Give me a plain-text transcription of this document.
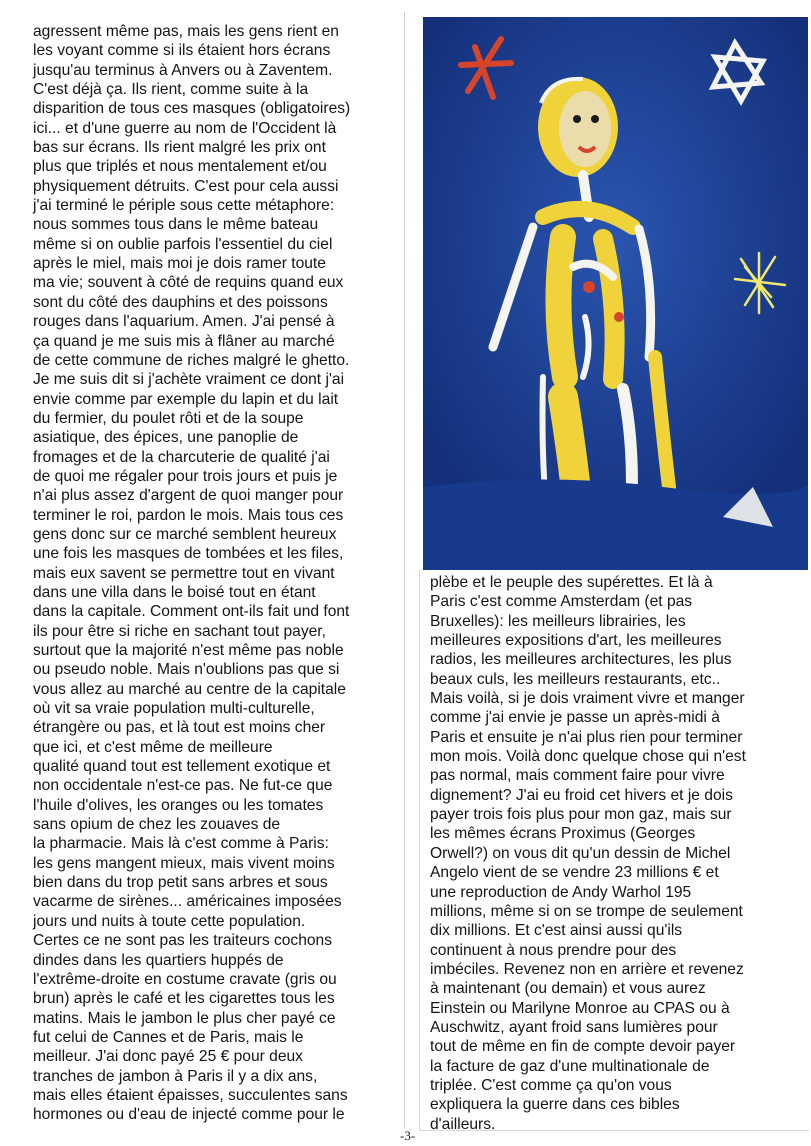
agressent même pas, mais les gens rient en
les voyant comme si ils étaient hors écrans
jusqu'au terminus à Anvers ou à Zaventem.
C'est déjà ça. Ils rient, comme suite à la
disparition de tous ces masques (obligatoires)
ici... et d'une guerre au nom de l'Occident là
bas sur écrans. Ils rient malgré les prix ont
plus que triplés et nous mentalement et/ou
physiquement détruits. C'est pour cela aussi
j'ai terminé le périple sous cette métaphore:
nous sommes tous dans le même bateau
même si on oublie parfois l'essentiel du ciel
après le miel, mais moi je dois ramer toute
ma vie; souvent à côté de requins quand eux
sont du côté des dauphins et des poissons
rouges dans l'aquarium. Amen. J'ai pensé à
ça quand je me suis mis à flâner au marché
de cette commune de riches malgré le ghetto.
Je me suis dit si j'achète vraiment ce dont j'ai
envie comme par exemple du lapin et du lait
du fermier, du poulet rôti et de la soupe
asiatique, des épices, une panoplie de
fromages et de la charcuterie de qualité j'ai
de quoi me régaler pour trois jours et puis je
n'ai plus assez d'argent de quoi manger pour
terminer le roi, pardon le mois. Mais tous ces
gens donc sur ce marché semblent heureux
une fois les masques de tombées et les files,
mais eux savent se permettre tout en vivant
dans une villa dans le boisé tout en étant
dans la capitale. Comment ont-ils fait und font
ils pour être si riche en sachant tout payer,
surtout que la majorité n'est même pas noble
ou pseudo noble. Mais n'oublions pas que si
vous allez au marché au centre de la capitale
où vit sa vraie population multi-culturelle,
étrangère ou pas, et là tout est moins cher
que ici, et c'est même de meilleure
qualité quand tout est tellement exotique et
non occidentale n'est-ce pas. Ne fut-ce que
l'huile d'olives, les oranges ou les tomates
sans opium de chez les zouaves de
la pharmacie. Mais là c'est comme à Paris:
les gens mangent mieux, mais vivent moins
bien dans du trop petit sans arbres et sous
vacarme de sirènes... américaines imposées
jours und nuits à toute cette population.
Certes ce ne sont pas les traiteurs cochons
dindes dans les quartiers huppés de
l'extrême-droite en costume cravate (gris ou
brun) après le café et les cigarettes tous les
matins. Mais le jambon le plus cher payé ce
fut celui de Cannes et de Paris, mais le
meilleur. J'ai donc payé 25 € pour deux
tranches de jambon à Paris il y a dix ans,
mais elles étaient épaisses, succulentes sans
hormones ou d'eau de injecté comme pour le
plèbe et le peuple des supérettes. Et là à
Paris c'est comme Amsterdam (et pas
Bruxelles): les meilleurs librairies, les
meilleures expositions d'art, les meilleures
radios, les meilleures architectures, les plus
beaux culs, les meilleurs restaurants, etc..
Mais voilà, si je dois vraiment vivre et manger
comme j'ai envie je passe un après-midi à
Paris et ensuite je n'ai plus rien pour terminer
mon mois. Voilà donc quelque chose qui n'est
pas normal, mais comment faire pour vivre
dignement? J'ai eu froid cet hivers et je dois
payer trois fois plus pour mon gaz, mais sur
les mêmes écrans Proximus (Georges
Orwell?) on vous dit qu'un dessin de Michel
Angelo vient de se vendre 23 millions € et
une reproduction de Andy Warhol 195
millions, même si on se trompe de seulement
dix millions. Et c'est ainsi aussi qu'ils
continuent à nous prendre pour des
imbéciles. Revenez non en arrière et revenez
à maintenant (ou demain) et vous aurez
Einstein ou Marilyne Monroe au CPAS ou à
Auschwitz, ayant froid sans lumières pour
tout de même en fin de compte devoir payer
la facture de gaz d'une multinationale de
triplée. C'est comme ça qu'on vous
expliquera la guerre dans ces bibles
d'ailleurs.
-3-
